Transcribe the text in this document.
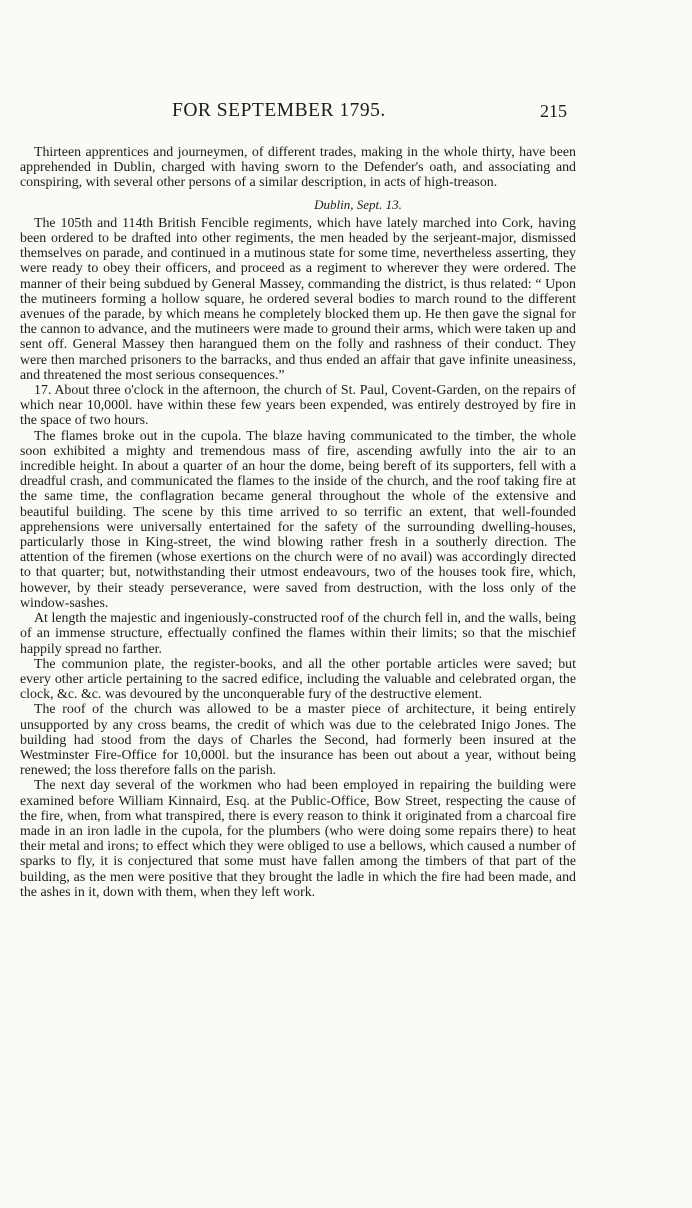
FOR SEPTEMBER 1795.	215

Thirteen apprentices and journeymen, of different trades, making in the whole thirty, have been apprehended in Dublin, charged with having sworn to the Defender's oath, and associating and conspiring, with several other persons of a similar description, in acts of high-treason.

Dublin, Sept. 13.

The 105th and 114th British Fencible regiments, which have lately marched into Cork, having been ordered to be drafted into other regiments, the men headed by the serjeant-major, dismissed themselves on parade, and continued in a mutinous state for some time, nevertheless asserting, they were ready to obey their officers, and proceed as a regiment to wherever they were ordered. The manner of their being subdued by General Massey, commanding the district, is thus related: “ Upon the mutineers forming a hollow square, he ordered several bodies to march round to the different avenues of the parade, by which means he completely blocked them up. He then gave the signal for the cannon to advance, and the mutineers were made to ground their arms, which were taken up and sent off. General Massey then harangued them on the folly and rashness of their conduct. They were then marched prisoners to the barracks, and thus ended an affair that gave infinite uneasiness, and threatened the most serious consequences.”

17. About three o'clock in the afternoon, the church of St. Paul, Covent-Garden, on the repairs of which near 10,000l. have within these few years been expended, was entirely destroyed by fire in the space of two hours.

The flames broke out in the cupola. The blaze having communicated to the timber, the whole soon exhibited a mighty and tremendous mass of fire, ascending awfully into the air to an incredible height. In about a quarter of an hour the dome, being bereft of its supporters, fell with a dreadful crash, and communicated the flames to the inside of the church, and the roof taking fire at the same time, the conflagration became general throughout the whole of the extensive and beautiful building. The scene by this time arrived to so terrific an extent, that well-founded apprehensions were universally entertained for the safety of the surrounding dwelling-houses, particularly those in King-street, the wind blowing rather fresh in a southerly direction. The attention of the firemen (whose exertions on the church were of no avail) was accordingly directed to that quarter; but, notwithstanding their utmost endeavours, two of the houses took fire, which, however, by their steady perseverance, were saved from destruction, with the loss only of the window-sashes.

At length the majestic and ingeniously-constructed roof of the church fell in, and the walls, being of an immense structure, effectually confined the flames within their limits; so that the mischief happily spread no farther.

The communion plate, the register-books, and all the other portable articles were saved; but every other article pertaining to the sacred edifice, including the valuable and celebrated organ, the clock, &c. &c. was devoured by the unconquerable fury of the destructive element.

The roof of the church was allowed to be a master piece of architecture, it being entirely unsupported by any cross beams, the credit of which was due to the celebrated Inigo Jones. The building had stood from the days of Charles the Second, had formerly been insured at the Westminster Fire-Office for 10,000l. but the insurance has been out about a year, without being renewed; the loss therefore falls on the parish.

The next day several of the workmen who had been employed in repairing the building were examined before William Kinnaird, Esq. at the Public-Office, Bow Street, respecting the cause of the fire, when, from what transpired, there is every reason to think it originated from a charcoal fire made in an iron ladle in the cupola, for the plumbers (who were doing some repairs there) to heat their metal and irons; to effect which they were obliged to use a bellows, which caused a number of sparks to fly, it is conjectured that some must have fallen among the timbers of that part of the building, as the men were positive that they brought the ladle in which the fire had been made, and the ashes in it, down with them, when they left work.
